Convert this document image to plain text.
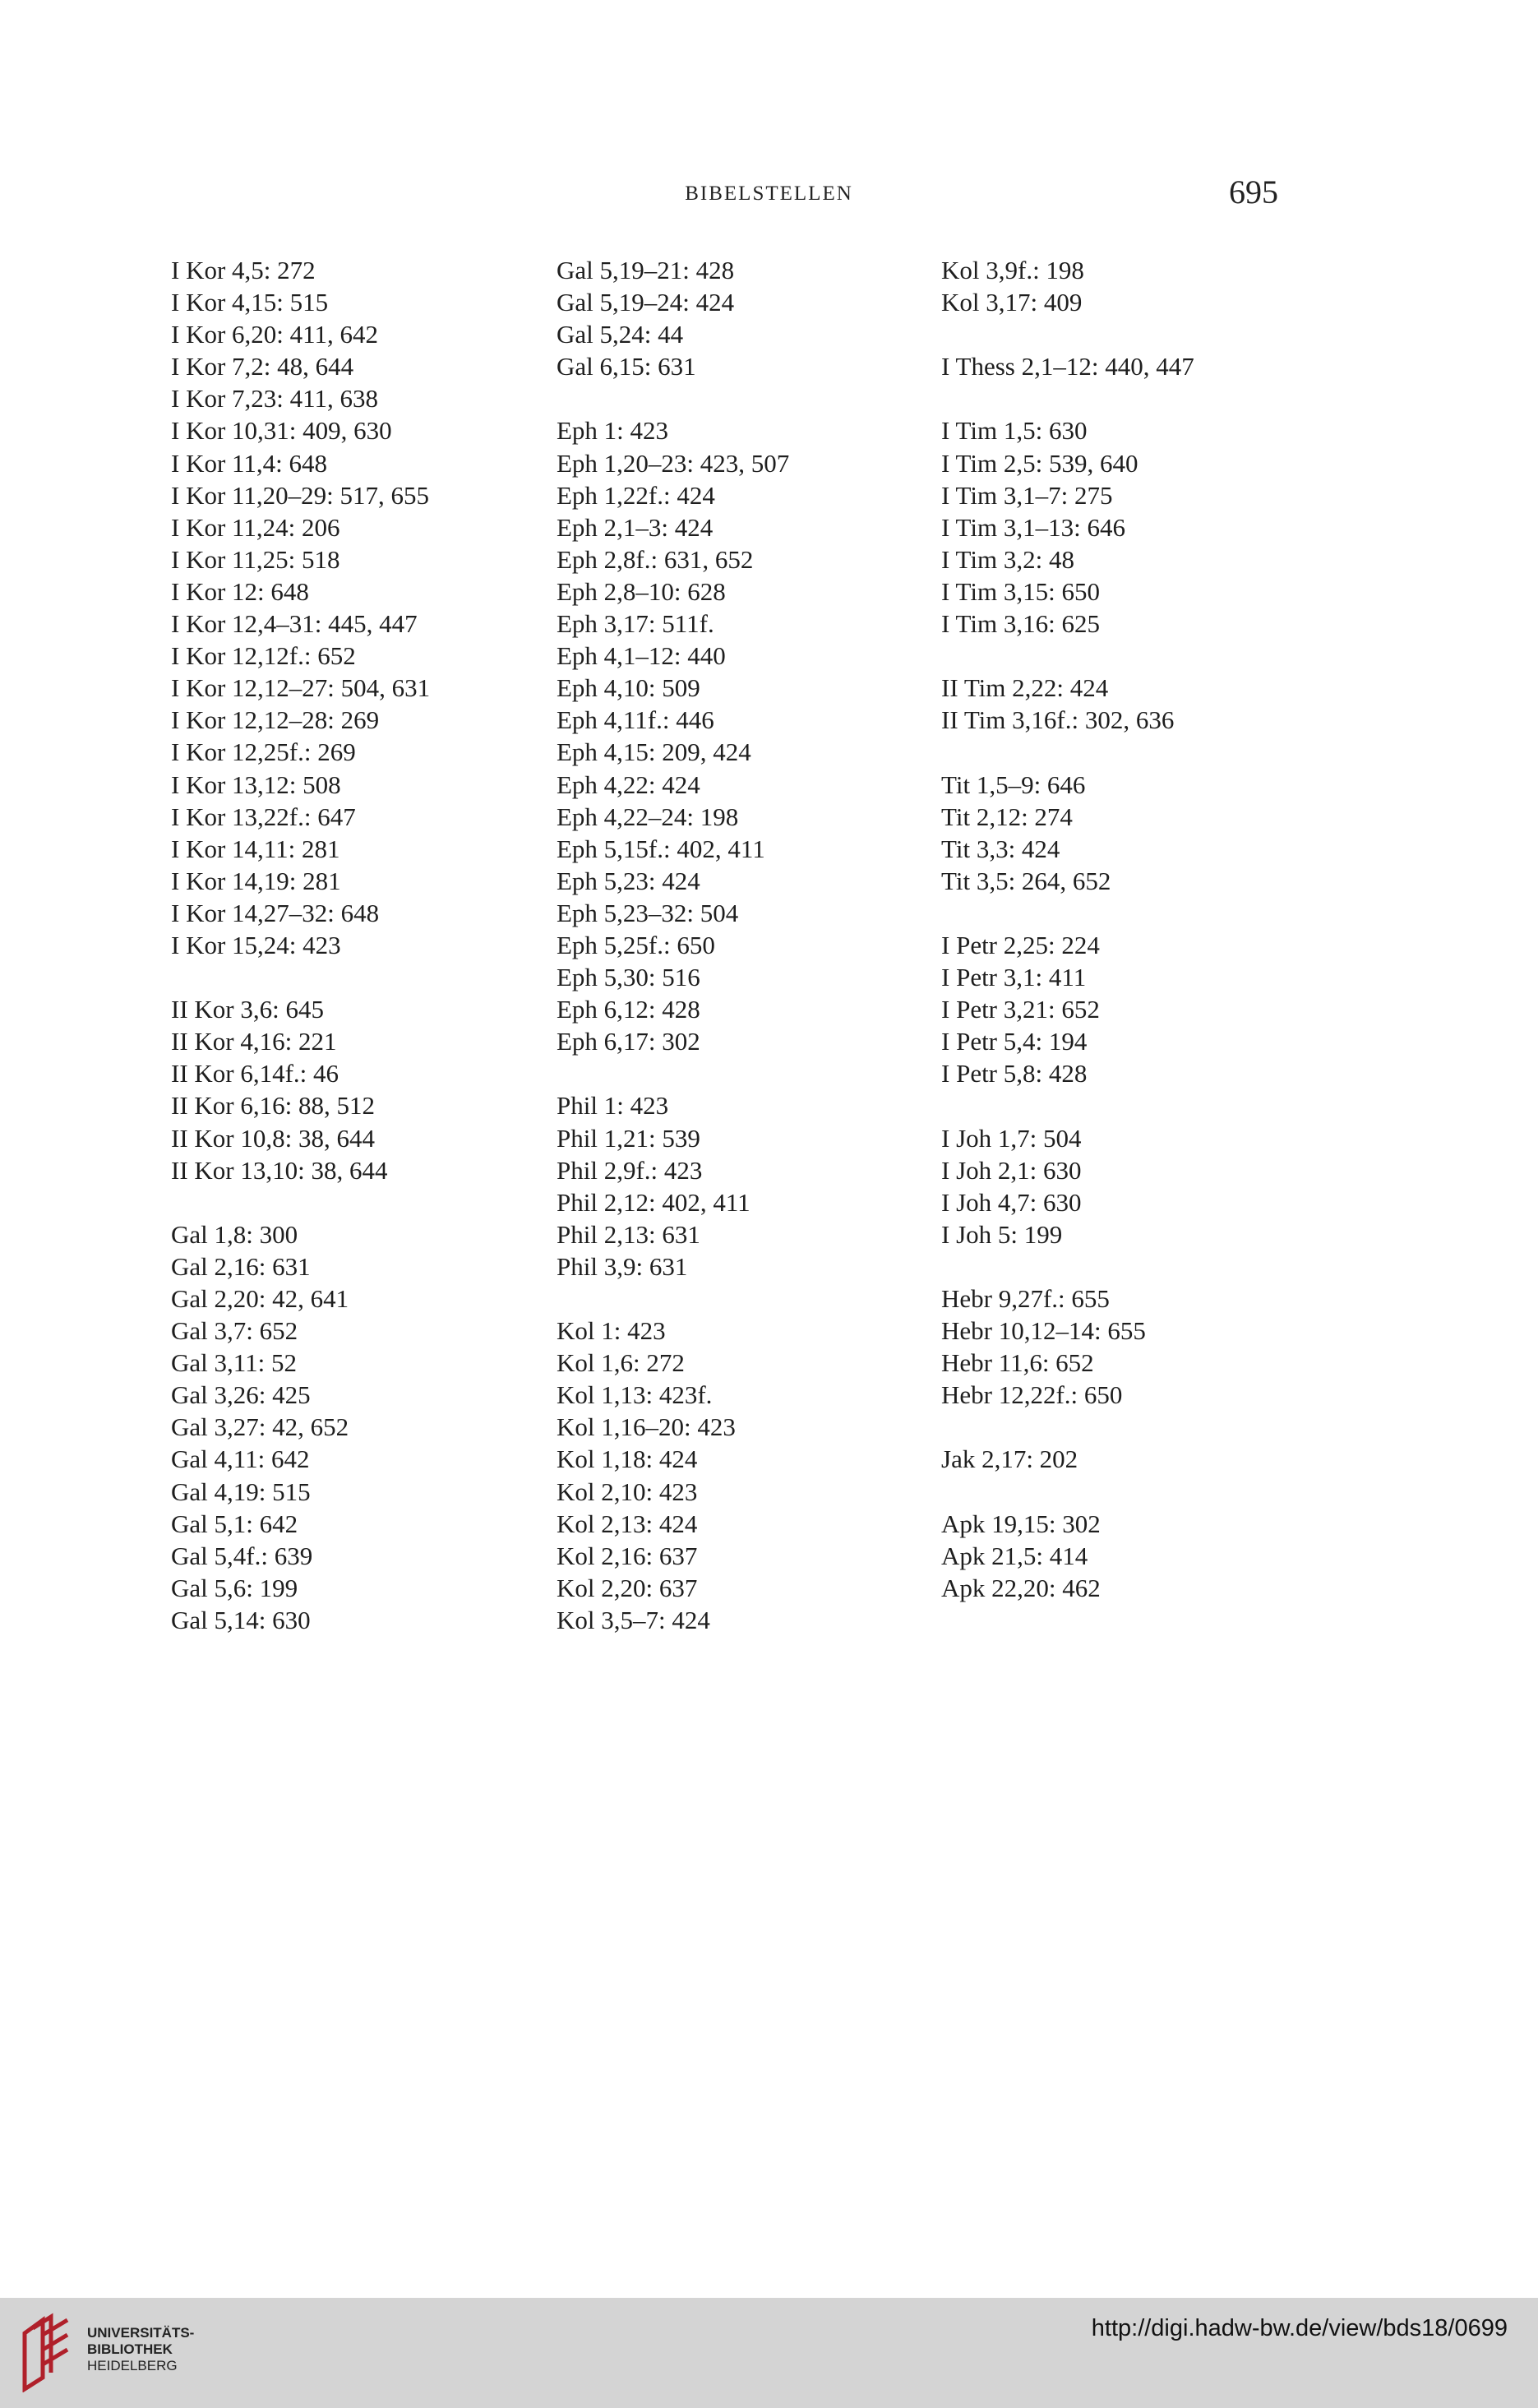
BIBELSTELLEN	695
I Kor 4,5: 272
I Kor 4,15: 515
I Kor 6,20: 411, 642
I Kor 7,2: 48, 644
I Kor 7,23: 411, 638
I Kor 10,31: 409, 630
I Kor 11,4: 648
I Kor 11,20–29: 517, 655
I Kor 11,24: 206
I Kor 11,25: 518
I Kor 12: 648
I Kor 12,4–31: 445, 447
I Kor 12,12f.: 652
I Kor 12,12–27: 504, 631
I Kor 12,12–28: 269
I Kor 12,25f.: 269
I Kor 13,12: 508
I Kor 13,22f.: 647
I Kor 14,11: 281
I Kor 14,19: 281
I Kor 14,27–32: 648
I Kor 15,24: 423
II Kor 3,6: 645
II Kor 4,16: 221
II Kor 6,14f.: 46
II Kor 6,16: 88, 512
II Kor 10,8: 38, 644
II Kor 13,10: 38, 644
Gal 1,8: 300
Gal 2,16: 631
Gal 2,20: 42, 641
Gal 3,7: 652
Gal 3,11: 52
Gal 3,26: 425
Gal 3,27: 42, 652
Gal 4,11: 642
Gal 4,19: 515
Gal 5,1: 642
Gal 5,4f.: 639
Gal 5,6: 199
Gal 5,14: 630
Gal 5,19–21: 428
Gal 5,19–24: 424
Gal 5,24: 44
Gal 6,15: 631
Eph 1: 423
Eph 1,20–23: 423, 507
Eph 1,22f.: 424
Eph 2,1–3: 424
Eph 2,8f.: 631, 652
Eph 2,8–10: 628
Eph 3,17: 511f.
Eph 4,1–12: 440
Eph 4,10: 509
Eph 4,11f.: 446
Eph 4,15: 209, 424
Eph 4,22: 424
Eph 4,22–24: 198
Eph 5,15f.: 402, 411
Eph 5,23: 424
Eph 5,23–32: 504
Eph 5,25f.: 650
Eph 5,30: 516
Eph 6,12: 428
Eph 6,17: 302
Phil 1: 423
Phil 1,21: 539
Phil 2,9f.: 423
Phil 2,12: 402, 411
Phil 2,13: 631
Phil 3,9: 631
Kol 1: 423
Kol 1,6: 272
Kol 1,13: 423f.
Kol 1,16–20: 423
Kol 1,18: 424
Kol 2,10: 423
Kol 2,13: 424
Kol 2,16: 637
Kol 2,20: 637
Kol 3,5–7: 424
Kol 3,9f.: 198
Kol 3,17: 409
I Thess 2,1–12: 440, 447
I Tim 1,5: 630
I Tim 2,5: 539, 640
I Tim 3,1–7: 275
I Tim 3,1–13: 646
I Tim 3,2: 48
I Tim 3,15: 650
I Tim 3,16: 625
II Tim 2,22: 424
II Tim 3,16f.: 302, 636
Tit 1,5–9: 646
Tit 2,12: 274
Tit 3,3: 424
Tit 3,5: 264, 652
I Petr 2,25: 224
I Petr 3,1: 411
I Petr 3,21: 652
I Petr 5,4: 194
I Petr 5,8: 428
I Joh 1,7: 504
I Joh 2,1: 630
I Joh 4,7: 630
I Joh 5: 199
Hebr 9,27f.: 655
Hebr 10,12–14: 655
Hebr 11,6: 652
Hebr 12,22f.: 650
Jak 2,17: 202
Apk 19,15: 302
Apk 21,5: 414
Apk 22,20: 462
UNIVERSITÄTS-
BIBLIOTHEK
HEIDELBERG
http://digi.hadw-bw.de/view/bds18/0699
